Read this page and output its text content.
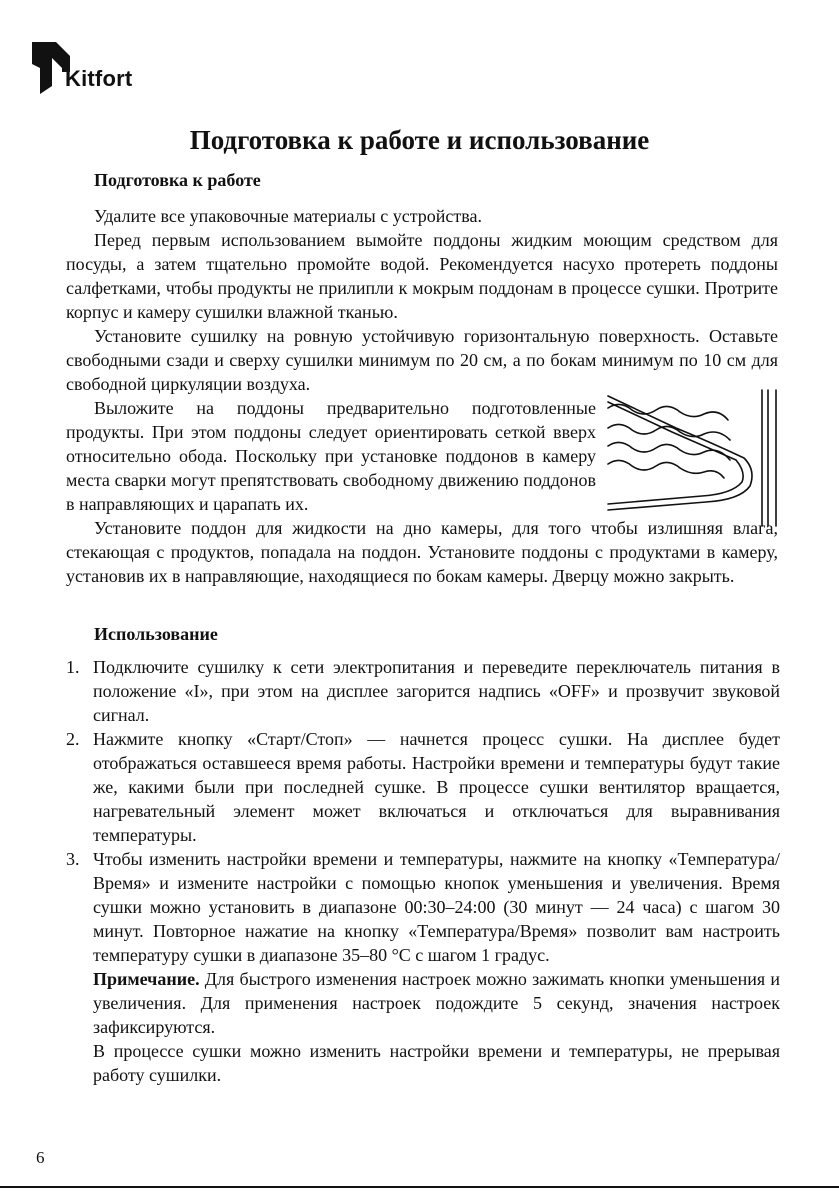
Kitfort
Подготовка к работе и использование
Подготовка к работе

Удалите все упаковочные материалы с устройства.

Перед первым использованием вымойте поддоны жидким моющим средством для посуды, а затем тщательно промойте водой. Рекомендуется насухо протереть поддоны салфетками, чтобы продукты не прилипли к мокрым поддонам в процессе сушки. Протрите корпус и камеру сушилки влажной тканью.

Установите сушилку на ровную устойчивую горизонтальную поверхность. Оставьте свободными сзади и сверху сушилки минимум по 20 см, а по бокам минимум по 10 см для свободной циркуляции воздуха.

Выложите на поддоны предварительно подготовленные продукты. При этом поддоны следует ориентировать сеткой вверх относительно обода. Поскольку при установке поддонов в камеру места сварки могут препятствовать свободному движению поддонов в направляющих и царапать их.

Установите поддон для жидкости на дно камеры, для того чтобы излишняя влага, стекающая с продуктов, попадала на поддон. Установите поддоны с продуктами в камеру, установив их в направляющие, находящиеся по бокам камеры. Дверцу можно закрыть.

Использование
1. Подключите сушилку к сети электропитания и переведите переключатель питания в положение «I», при этом на дисплее загорится надпись «OFF» и прозвучит звуковой сигнал.
2. Нажмите кнопку «Старт/Стоп» — начнется процесс сушки. На дисплее будет отображаться оставшееся время работы. Настройки времени и температуры будут такие же, какими были при последней сушке. В процессе сушки вентилятор вращается, нагревательный элемент может включаться и отключаться для выравнивания температуры.
3. Чтобы изменить настройки времени и температуры, нажмите на кнопку «Температура/Время» и измените настройки с помощью кнопок уменьшения и увеличения. Время сушки можно установить в диапазоне 00:30–24:00 (30 минут — 24 часа) с шагом 30 минут. Повторное нажатие на кнопку «Температура/Время» позволит вам настроить температуру сушки в диапазоне 35–80 °C с шагом 1 градус.

Примечание. Для быстрого изменения настроек можно зажимать кнопки уменьшения и увеличения. Для применения настроек подождите 5 секунд, значения настроек зафиксируются.

В процессе сушки можно изменить настройки времени и температуры, не прерывая работу сушилки.

6
